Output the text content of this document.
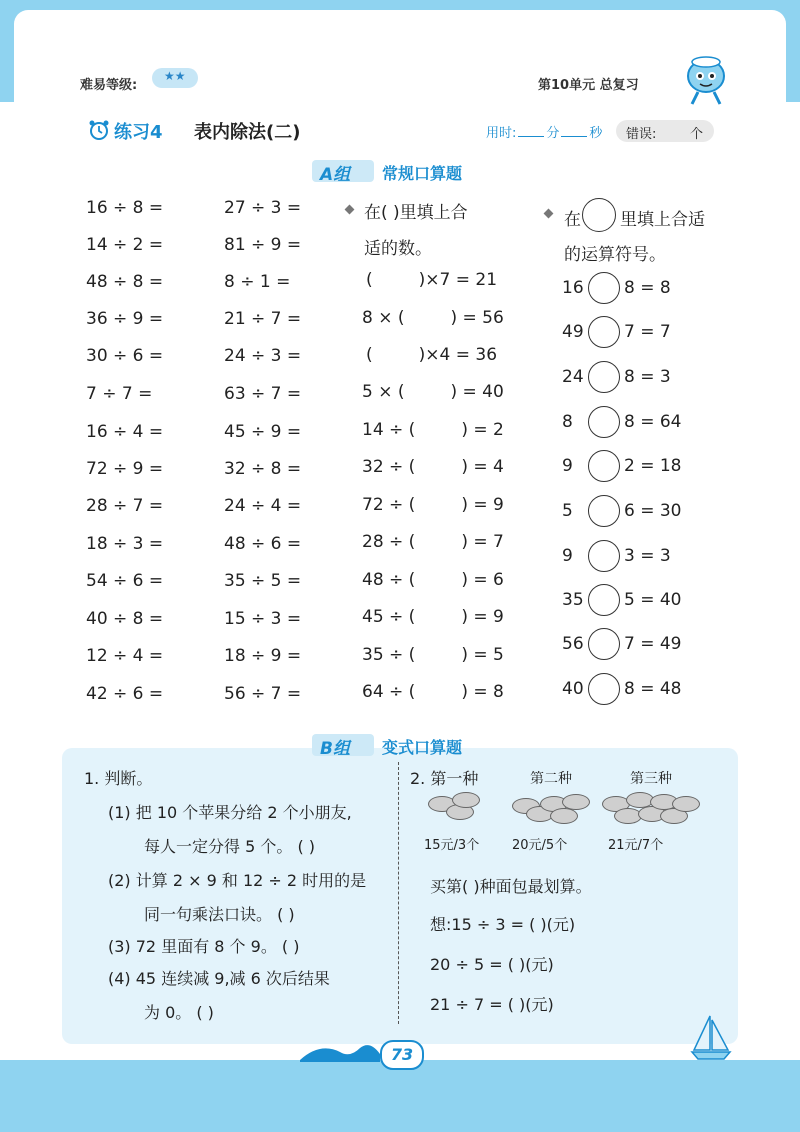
难易等级:
★★
第10单元 总复习
练习4 表内除法(二)	用时: 分 秒 错误:	个
A组 常规口算题
16 ÷ 8 =
14 ÷ 2 =
48 ÷ 8 =
36 ÷ 9 =
30 ÷ 6 =
7 ÷ 7 =
16 ÷ 4 =
72 ÷ 9 =
28 ÷ 7 =
18 ÷ 3 =
54 ÷ 6 =
40 ÷ 8 =
12 ÷ 4 =
42 ÷ 6 =
27 ÷ 3 =
81 ÷ 9 =
8 ÷ 1 =
21 ÷ 7 =
24 ÷ 3 =
63 ÷ 7 =
45 ÷ 9 =
32 ÷ 8 =
24 ÷ 4 =
48 ÷ 6 =
35 ÷ 5 =
15 ÷ 3 =
18 ÷ 9 =
56 ÷ 7 =
在( )里填上合
适的数。
(	)×7 = 21
8 × (	) = 56
(	)×4 = 36
5 × (	) = 40
14 ÷ (	) = 2
32 ÷ (	) = 4
72 ÷ (	) = 9
28 ÷ (	) = 7
48 ÷ (	) = 6
45 ÷ (	) = 9
35 ÷ (	) = 5
64 ÷ (	) = 8
在 里填上合适
的运算符号。
16 8 = 8
49 7 = 7
24 8 = 3
8	8 = 64
9	2 = 18
5	6 = 30
9	3 = 3
35 5 = 40
56 7 = 49
40 8 = 48
B组 变式口算题
1. 判断。
(1) 把 10 个苹果分给 2 个小朋友,
每人一定分得 5 个。 ( )
(2) 计算 2 × 9 和 12 ÷ 2 时用的是
同一句乘法口诀。 ( )
(3) 72 里面有 8 个 9。 ( )
(4) 45 连续减 9,减 6 次后结果
为 0。 ( )
2. 第一种	第二种	第三种
15元/3个	20元/5个	21元/7个
买第( )种面包最划算。
想:15 ÷ 3 = ( )(元)
20 ÷ 5 = ( )(元)
21 ÷ 7 = ( )(元)
73
